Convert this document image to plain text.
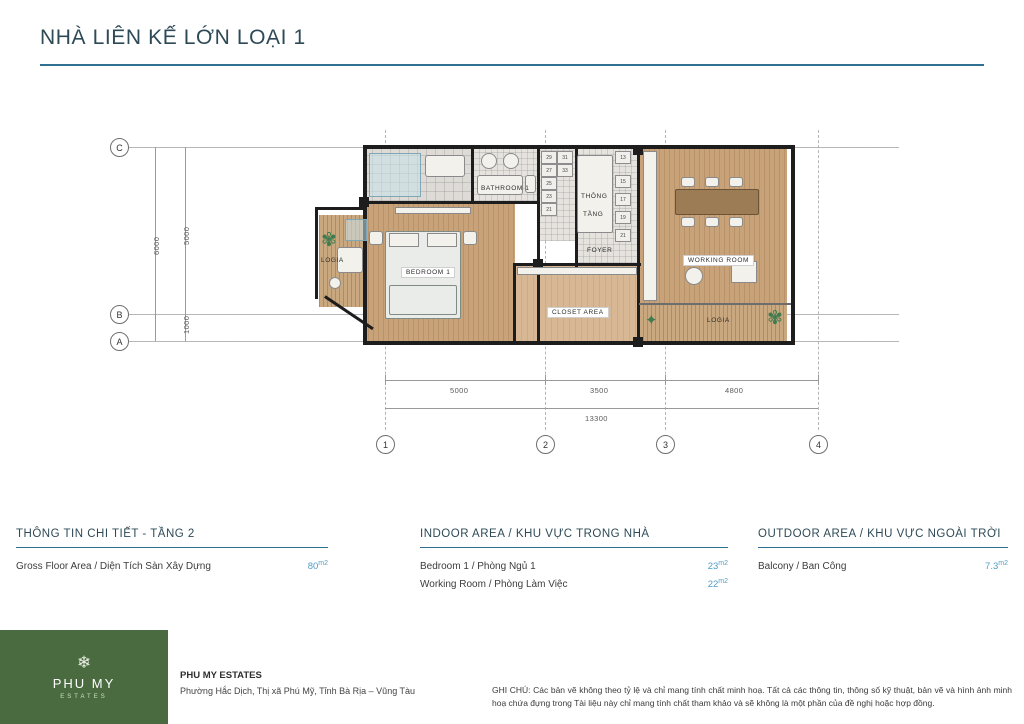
NHÀ LIÊN KẾ LỚN LOẠI 1
C
B
A
1	2	3	4
6000
5000
1000
5000	3500	4800
13300
29
27
25
23
21
31
33
13
15
17
19
21
✾
✾
✦
BATHROOM 1
BEDROOM 1
CLOSET AREA
FOYER
WORKING ROOM
LOGIA
LOGIA
THÔNG
TẦNG
THÔNG TIN CHI TIẾT - TẦNG 2
Gross Floor Area / Diện Tích Sàn Xây Dựng	$80^{m2}$
INDOOR AREA / KHU VỰC TRONG NHÀ
Bedroom 1 / Phòng Ngủ 1	$23^{m2}$
Working Room / Phòng Làm Việc	$22^{m2}$
OUTDOOR AREA / KHU VỰC NGOÀI TRỜI
Balcony / Ban Công	$7.3^{m2}$
❄
PHU MY
ESTATES
PHU MY ESTATES
Phường Hắc Dịch, Thị xã Phú Mỹ, Tỉnh Bà Rịa – Vũng Tàu	GHI CHÚ: Các bản vẽ không theo tỷ lệ và chỉ mang tính chất minh hoạ. Tất cả các thông tin, thông số kỹ thuật, bản vẽ và hình ảnh minh hoạ chứa đựng trong Tài liệu này chỉ mang tính chất tham khảo và sẽ không là một phần của đề nghị hoặc hợp đồng.
